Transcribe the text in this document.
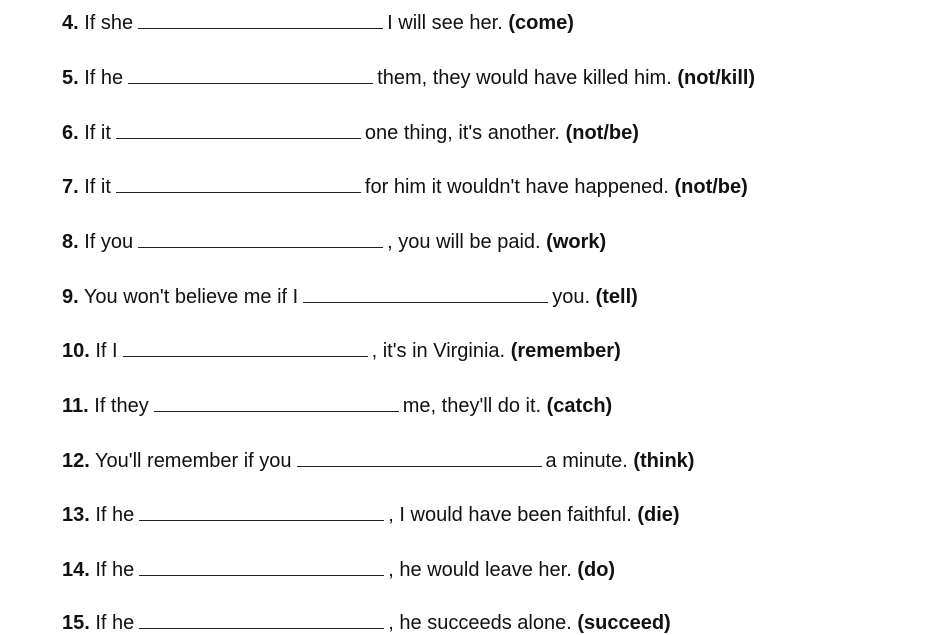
4. If she	I will see her. (come)
5. If he	them, they would have killed him. (not/kill)
6. If it	one thing, it's another. (not/be)
7. If it	for him it wouldn't have happened. (not/be)
8. If you	, you will be paid. (work)
9. You won't believe me if I	you. (tell)
10. If I	, it's in Virginia. (remember)
11. If they	me, they'll do it. (catch)
12. You'll remember if you	a minute. (think)
13. If he	, I would have been faithful. (die)
14. If he	, he would leave her. (do)
15. If he	, he succeeds alone. (succeed)
